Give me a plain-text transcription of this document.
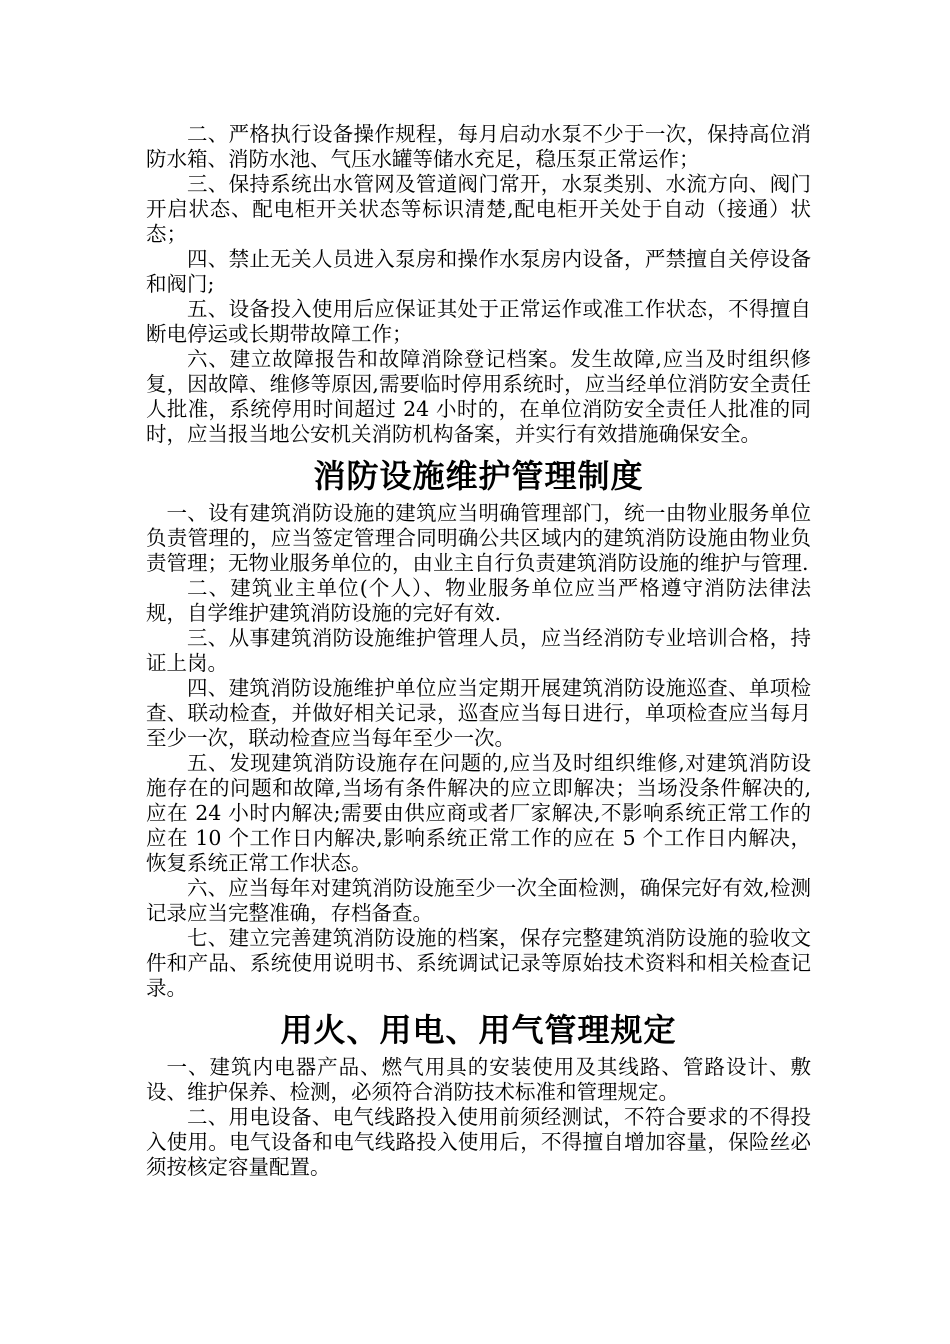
二、严格执行设备操作规程，每月启动水泵不少于一次，保持高位消防水箱、消防水池、气压水罐等储水充足，稳压泵正常运作；

三、保持系统出水管网及管道阀门常开，水泵类别、水流方向、阀门开启状态、配电柜开关状态等标识清楚,配电柜开关处于自动（接通）状态；

四、禁止无关人员进入泵房和操作水泵房内设备，严禁擅自关停设备和阀门;

五、设备投入使用后应保证其处于正常运作或准工作状态，不得擅自断电停运或长期带故障工作；

六、建立故障报告和故障消除登记档案。发生故障,应当及时组织修复，因故障、维修等原因,需要临时停用系统时，应当经单位消防安全责任人批准，系统停用时间超过 24 小时的，在单位消防安全责任人批准的同时，应当报当地公安机关消防机构备案，并实行有效措施确保安全。

消防设施维护管理制度

一、设有建筑消防设施的建筑应当明确管理部门，统一由物业服务单位负责管理的，应当签定管理合同明确公共区域内的建筑消防设施由物业负责管理；无物业服务单位的，由业主自行负责建筑消防设施的维护与管理.

二、建筑业主单位(个人）、物业服务单位应当严格遵守消防法律法规，自学维护建筑消防设施的完好有效.

三、从事建筑消防设施维护管理人员，应当经消防专业培训合格，持证上岗。

四、建筑消防设施维护单位应当定期开展建筑消防设施巡查、单项检查、联动检查，并做好相关记录，巡查应当每日进行，单项检查应当每月至少一次，联动检查应当每年至少一次。

五、发现建筑消防设施存在问题的,应当及时组织维修,对建筑消防设施存在的问题和故障,当场有条件解决的应立即解决；当场没条件解决的,应在 24 小时内解决;需要由供应商或者厂家解决,不影响系统正常工作的应在 10 个工作日内解决,影响系统正常工作的应在 5 个工作日内解决，恢复系统正常工作状态。

六、应当每年对建筑消防设施至少一次全面检测，确保完好有效,检测记录应当完整准确，存档备查。

七、建立完善建筑消防设施的档案，保存完整建筑消防设施的验收文件和产品、系统使用说明书、系统调试记录等原始技术资料和相关检查记录。

用火、用电、用气管理规定

一、建筑内电器产品、燃气用具的安装使用及其线路、管路设计、敷设、维护保养、检测，必须符合消防技术标准和管理规定。

二、用电设备、电气线路投入使用前须经测试，不符合要求的不得投入使用。电气设备和电气线路投入使用后，不得擅自增加容量，保险丝必须按核定容量配置。
